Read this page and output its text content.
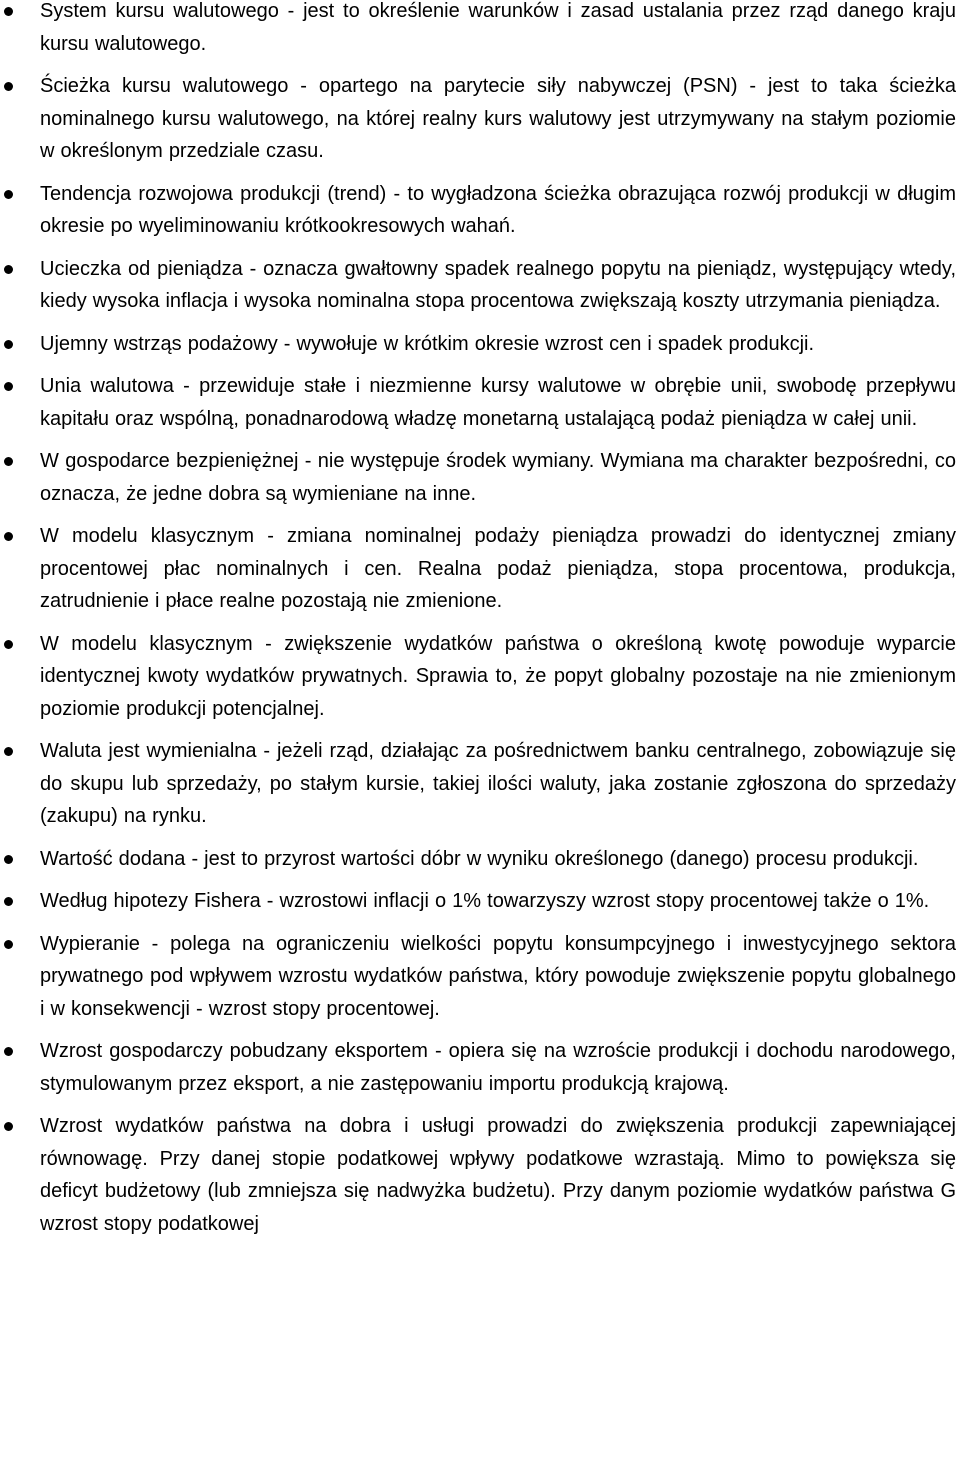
System kursu walutowego - jest to określenie warunków i zasad ustalania przez rząd danego kraju kursu walutowego.
Ścieżka kursu walutowego - opartego na parytecie siły nabywczej (PSN) - jest to taka ścieżka nominalnego kursu walutowego, na której realny kurs walutowy jest utrzymywany na stałym poziomie w określonym przedziale czasu.
Tendencja rozwojowa produkcji (trend) - to wygładzona ścieżka obrazująca rozwój produkcji w długim okresie po wyeliminowaniu krótkookresowych wahań.
Ucieczka od pieniądza - oznacza gwałtowny spadek realnego popytu na pieniądz, występujący wtedy, kiedy wysoka inflacja i wysoka nominalna stopa procentowa zwiększają koszty utrzymania pieniądza.
Ujemny wstrząs podażowy - wywołuje w krótkim okresie wzrost cen i spadek produkcji.
Unia walutowa - przewiduje stałe i niezmienne kursy walutowe w obrębie unii, swobodę przepływu kapitału oraz wspólną, ponadnarodową władzę monetarną ustalającą podaż pieniądza w całej unii.
W gospodarce bezpieniężnej - nie występuje środek wymiany. Wymiana ma charakter bezpośredni, co oznacza, że jedne dobra są wymieniane na inne.
W modelu klasycznym - zmiana nominalnej podaży pieniądza prowadzi do identycznej zmiany procentowej płac nominalnych i cen. Realna podaż pieniądza, stopa procentowa, produkcja, zatrudnienie i płace realne pozostają nie zmienione.
W modelu klasycznym - zwiększenie wydatków państwa o określoną kwotę powoduje wyparcie identycznej kwoty wydatków prywatnych. Sprawia to, że popyt globalny pozostaje na nie zmienionym poziomie produkcji potencjalnej.
Waluta jest wymienialna - jeżeli rząd, działając za pośrednictwem banku centralnego, zobowiązuje się do skupu lub sprzedaży, po stałym kursie, takiej ilości waluty, jaka zostanie zgłoszona do sprzedaży (zakupu) na rynku.
Wartość dodana - jest to przyrost wartości dóbr w wyniku określonego (danego) procesu produkcji.
Według hipotezy Fishera - wzrostowi inflacji o 1% towarzyszy wzrost stopy procentowej także o 1%.
Wypieranie - polega na ograniczeniu wielkości popytu konsumpcyjnego i inwestycyjnego sektora prywatnego pod wpływem wzrostu wydatków państwa, który powoduje zwiększenie popytu globalnego i w konsekwencji - wzrost stopy procentowej.
Wzrost gospodarczy pobudzany eksportem - opiera się na wzroście produkcji i dochodu narodowego, stymulowanym przez eksport, a nie zastępowaniu importu produkcją krajową.
Wzrost wydatków państwa na dobra i usługi prowadzi do zwiększenia produkcji zapewniającej równowagę. Przy danej stopie podatkowej wpływy podatkowe wzrastają. Mimo to powiększa się deficyt budżetowy (lub zmniejsza się nadwyżka budżetu). Przy danym poziomie wydatków państwa G wzrost stopy podatkowej
